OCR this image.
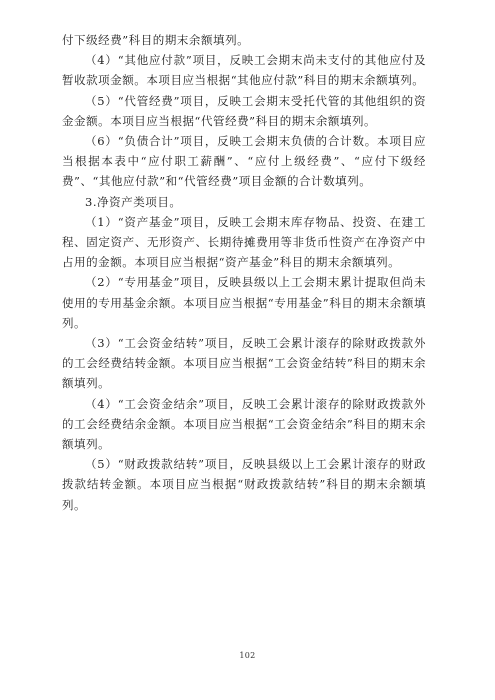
付下级经费”科目的期末余额填列。

（4）“其他应付款”项目，反映工会期末尚未支付的其他应付及暂收款项金额。本项目应当根据“其他应付款”科目的期末余额填列。

（5）“代管经费”项目，反映工会期末受托代管的其他组织的资金金额。本项目应当根据“代管经费”科目的期末余额填列。

（6）“负债合计”项目，反映工会期末负债的合计数。本项目应当根据本表中“应付职工薪酬”、“应付上级经费”、“应付下级经费”、“其他应付款”和“代管经费”项目金额的合计数填列。

3.净资产类项目。

（1）“资产基金”项目，反映工会期末库存物品、投资、在建工程、固定资产、无形资产、长期待摊费用等非货币性资产在净资产中占用的金额。本项目应当根据“资产基金”科目的期末余额填列。

（2）“专用基金”项目，反映县级以上工会期末累计提取但尚未使用的专用基金余额。本项目应当根据“专用基金”科目的期末余额填列。

（3）“工会资金结转”项目，反映工会累计滚存的除财政拨款外的工会经费结转金额。本项目应当根据“工会资金结转”科目的期末余额填列。

（4）“工会资金结余”项目，反映工会累计滚存的除财政拨款外的工会经费结余金额。本项目应当根据“工会资金结余”科目的期末余额填列。

（5）“财政拨款结转”项目，反映县级以上工会累计滚存的财政拨款结转金额。本项目应当根据“财政拨款结转”科目的期末余额填列。

102
